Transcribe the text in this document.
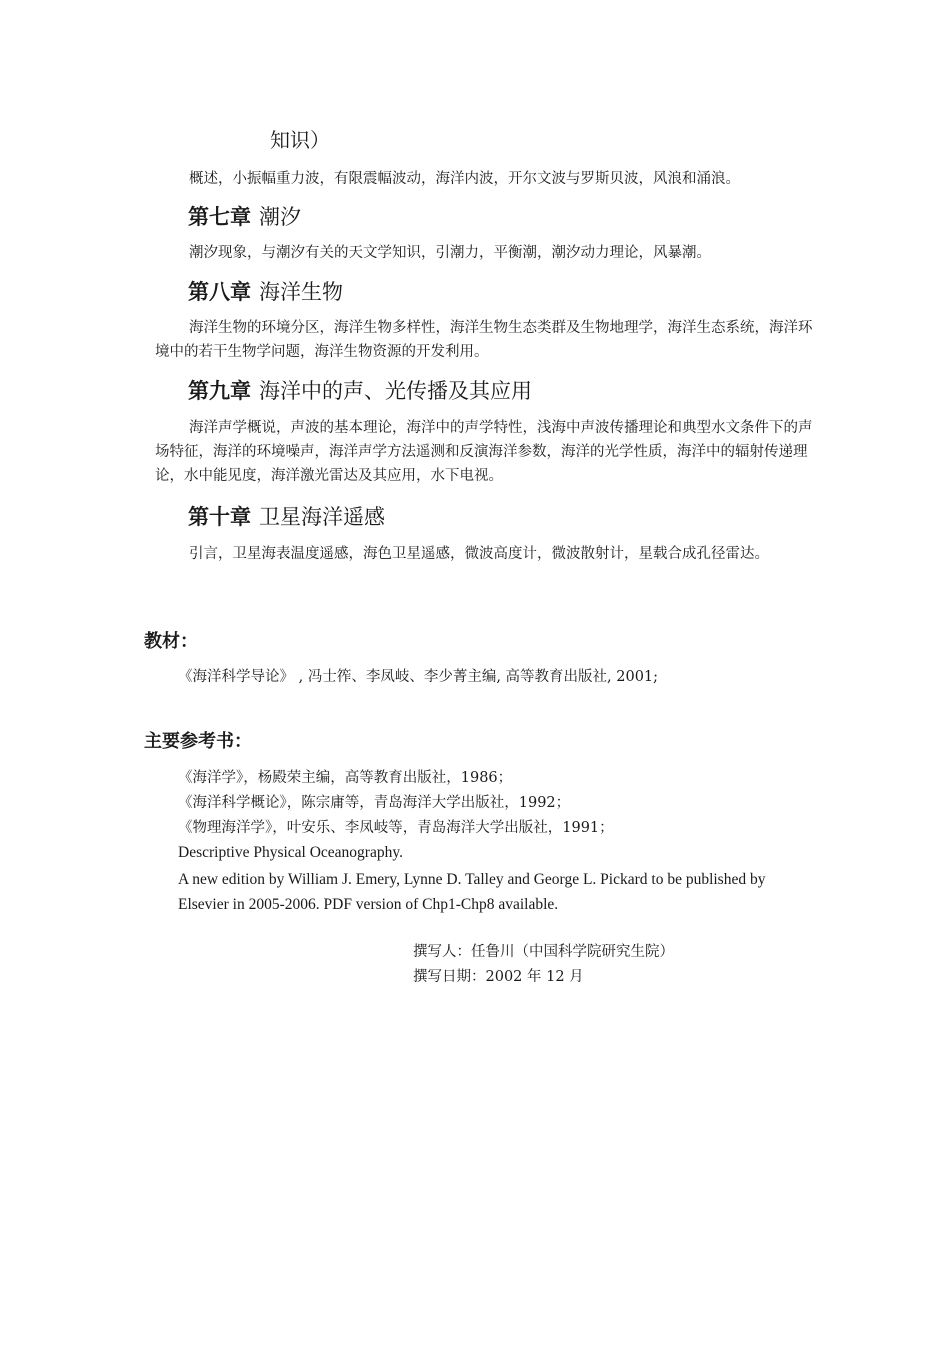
知识）
概述，小振幅重力波，有限震幅波动，海洋内波，开尔文波与罗斯贝波，风浪和涌浪。
第七章 潮汐
潮汐现象，与潮汐有关的天文学知识，引潮力，平衡潮，潮汐动力理论，风暴潮。
第八章 海洋生物
海洋生物的环境分区，海洋生物多样性，海洋生物生态类群及生物地理学，海洋生态系统，海洋环境中的若干生物学问题，海洋生物资源的开发利用。
第九章 海洋中的声、光传播及其应用
海洋声学概说，声波的基本理论，海洋中的声学特性，浅海中声波传播理论和典型水文条件下的声场特征，海洋的环境噪声，海洋声学方法遥测和反演海洋参数，海洋的光学性质，海洋中的辐射传递理论，水中能见度，海洋激光雷达及其应用，水下电视。
第十章 卫星海洋遥感
引言，卫星海表温度遥感，海色卫星遥感，微波高度计，微波散射计，星载合成孔径雷达。
教材：
《海洋科学导论》 , 冯士筰、李凤岐、李少菁主编, 高等教育出版社, 2001;
主要参考书：
《海洋学》，杨殿荣主编，高等教育出版社，1986；
《海洋科学概论》，陈宗庸等，青岛海洋大学出版社，1992；
《物理海洋学》，叶安乐、李凤岐等，青岛海洋大学出版社，1991；
Descriptive Physical Oceanography.
A new edition by William J. Emery, Lynne D. Talley and George L. Pickard to be published by Elsevier in 2005-2006. PDF version of Chp1-Chp8 available.
撰写人：任鲁川（中国科学院研究生院）
撰写日期：2002 年 12 月
